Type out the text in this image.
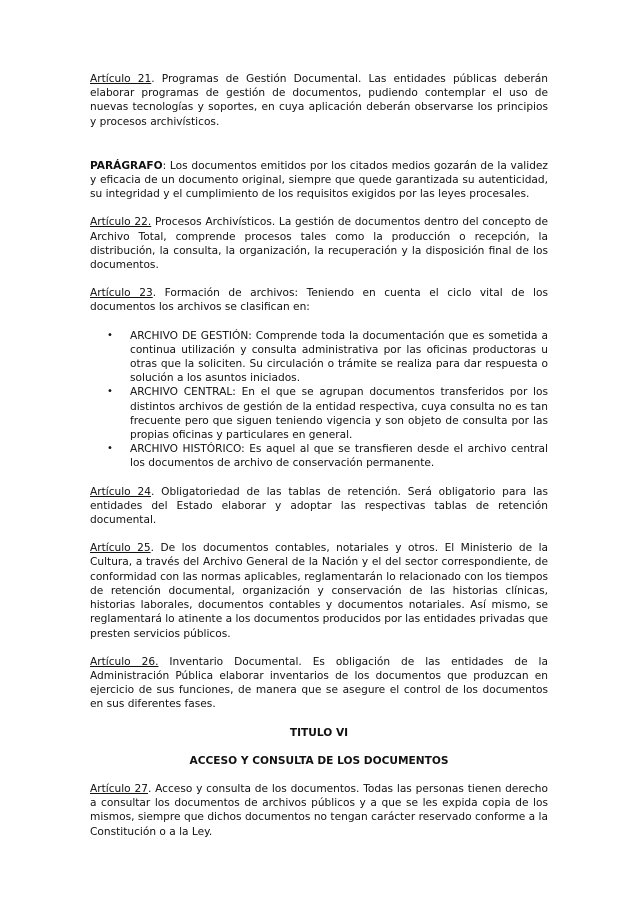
Artículo 21. Programas de Gestión Documental. Las entidades públicas deberán elaborar programas de gestión de documentos, pudiendo contemplar el uso de nuevas tecnologías y soportes, en cuya aplicación deberán observarse los principios y procesos archivísticos.

PARÁGRAFO: Los documentos emitidos por los citados medios gozarán de la validez y eficacia de un documento original, siempre que quede garantizada su autenticidad, su integridad y el cumplimiento de los requisitos exigidos por las leyes procesales.

Artículo 22. Procesos Archivísticos. La gestión de documentos dentro del concepto de Archivo Total, comprende procesos tales como la producción o recepción, la distribución, la consulta, la organización, la recuperación y la disposición final de los documentos.

Artículo 23. Formación de archivos: Teniendo en cuenta el ciclo vital de los documentos los archivos se clasifican en:

• ARCHIVO DE GESTIÓN: Comprende toda la documentación que es sometida a continua utilización y consulta administrativa por las oficinas productoras u otras que la soliciten. Su circulación o trámite se realiza para dar respuesta o solución a los asuntos iniciados.
• ARCHIVO CENTRAL: En el que se agrupan documentos transferidos por los distintos archivos de gestión de la entidad respectiva, cuya consulta no es tan frecuente pero que siguen teniendo vigencia y son objeto de consulta por las propias oficinas y particulares en general.
• ARCHIVO HISTÓRICO: Es aquel al que se transfieren desde el archivo central los documentos de archivo de conservación permanente.

Artículo 24. Obligatoriedad de las tablas de retención. Será obligatorio para las entidades del Estado elaborar y adoptar las respectivas tablas de retención documental.

Artículo 25. De los documentos contables, notariales y otros. El Ministerio de la Cultura, a través del Archivo General de la Nación y el del sector correspondiente, de conformidad con las normas aplicables, reglamentarán lo relacionado con los tiempos de retención documental, organización y conservación de las historias clínicas, historias laborales, documentos contables y documentos notariales. Así mismo, se reglamentará lo atinente a los documentos producidos por las entidades privadas que presten servicios públicos.

Artículo 26. Inventario Documental. Es obligación de las entidades de la Administración Pública elaborar inventarios de los documentos que produzcan en ejercicio de sus funciones, de manera que se asegure el control de los documentos en sus diferentes fases.

TITULO VI

ACCESO Y CONSULTA DE LOS DOCUMENTOS

Artículo 27. Acceso y consulta de los documentos. Todas las personas tienen derecho a consultar los documentos de archivos públicos y a que se les expida copia de los mismos, siempre que dichos documentos no tengan carácter reservado conforme a la Constitución o a la Ley.
